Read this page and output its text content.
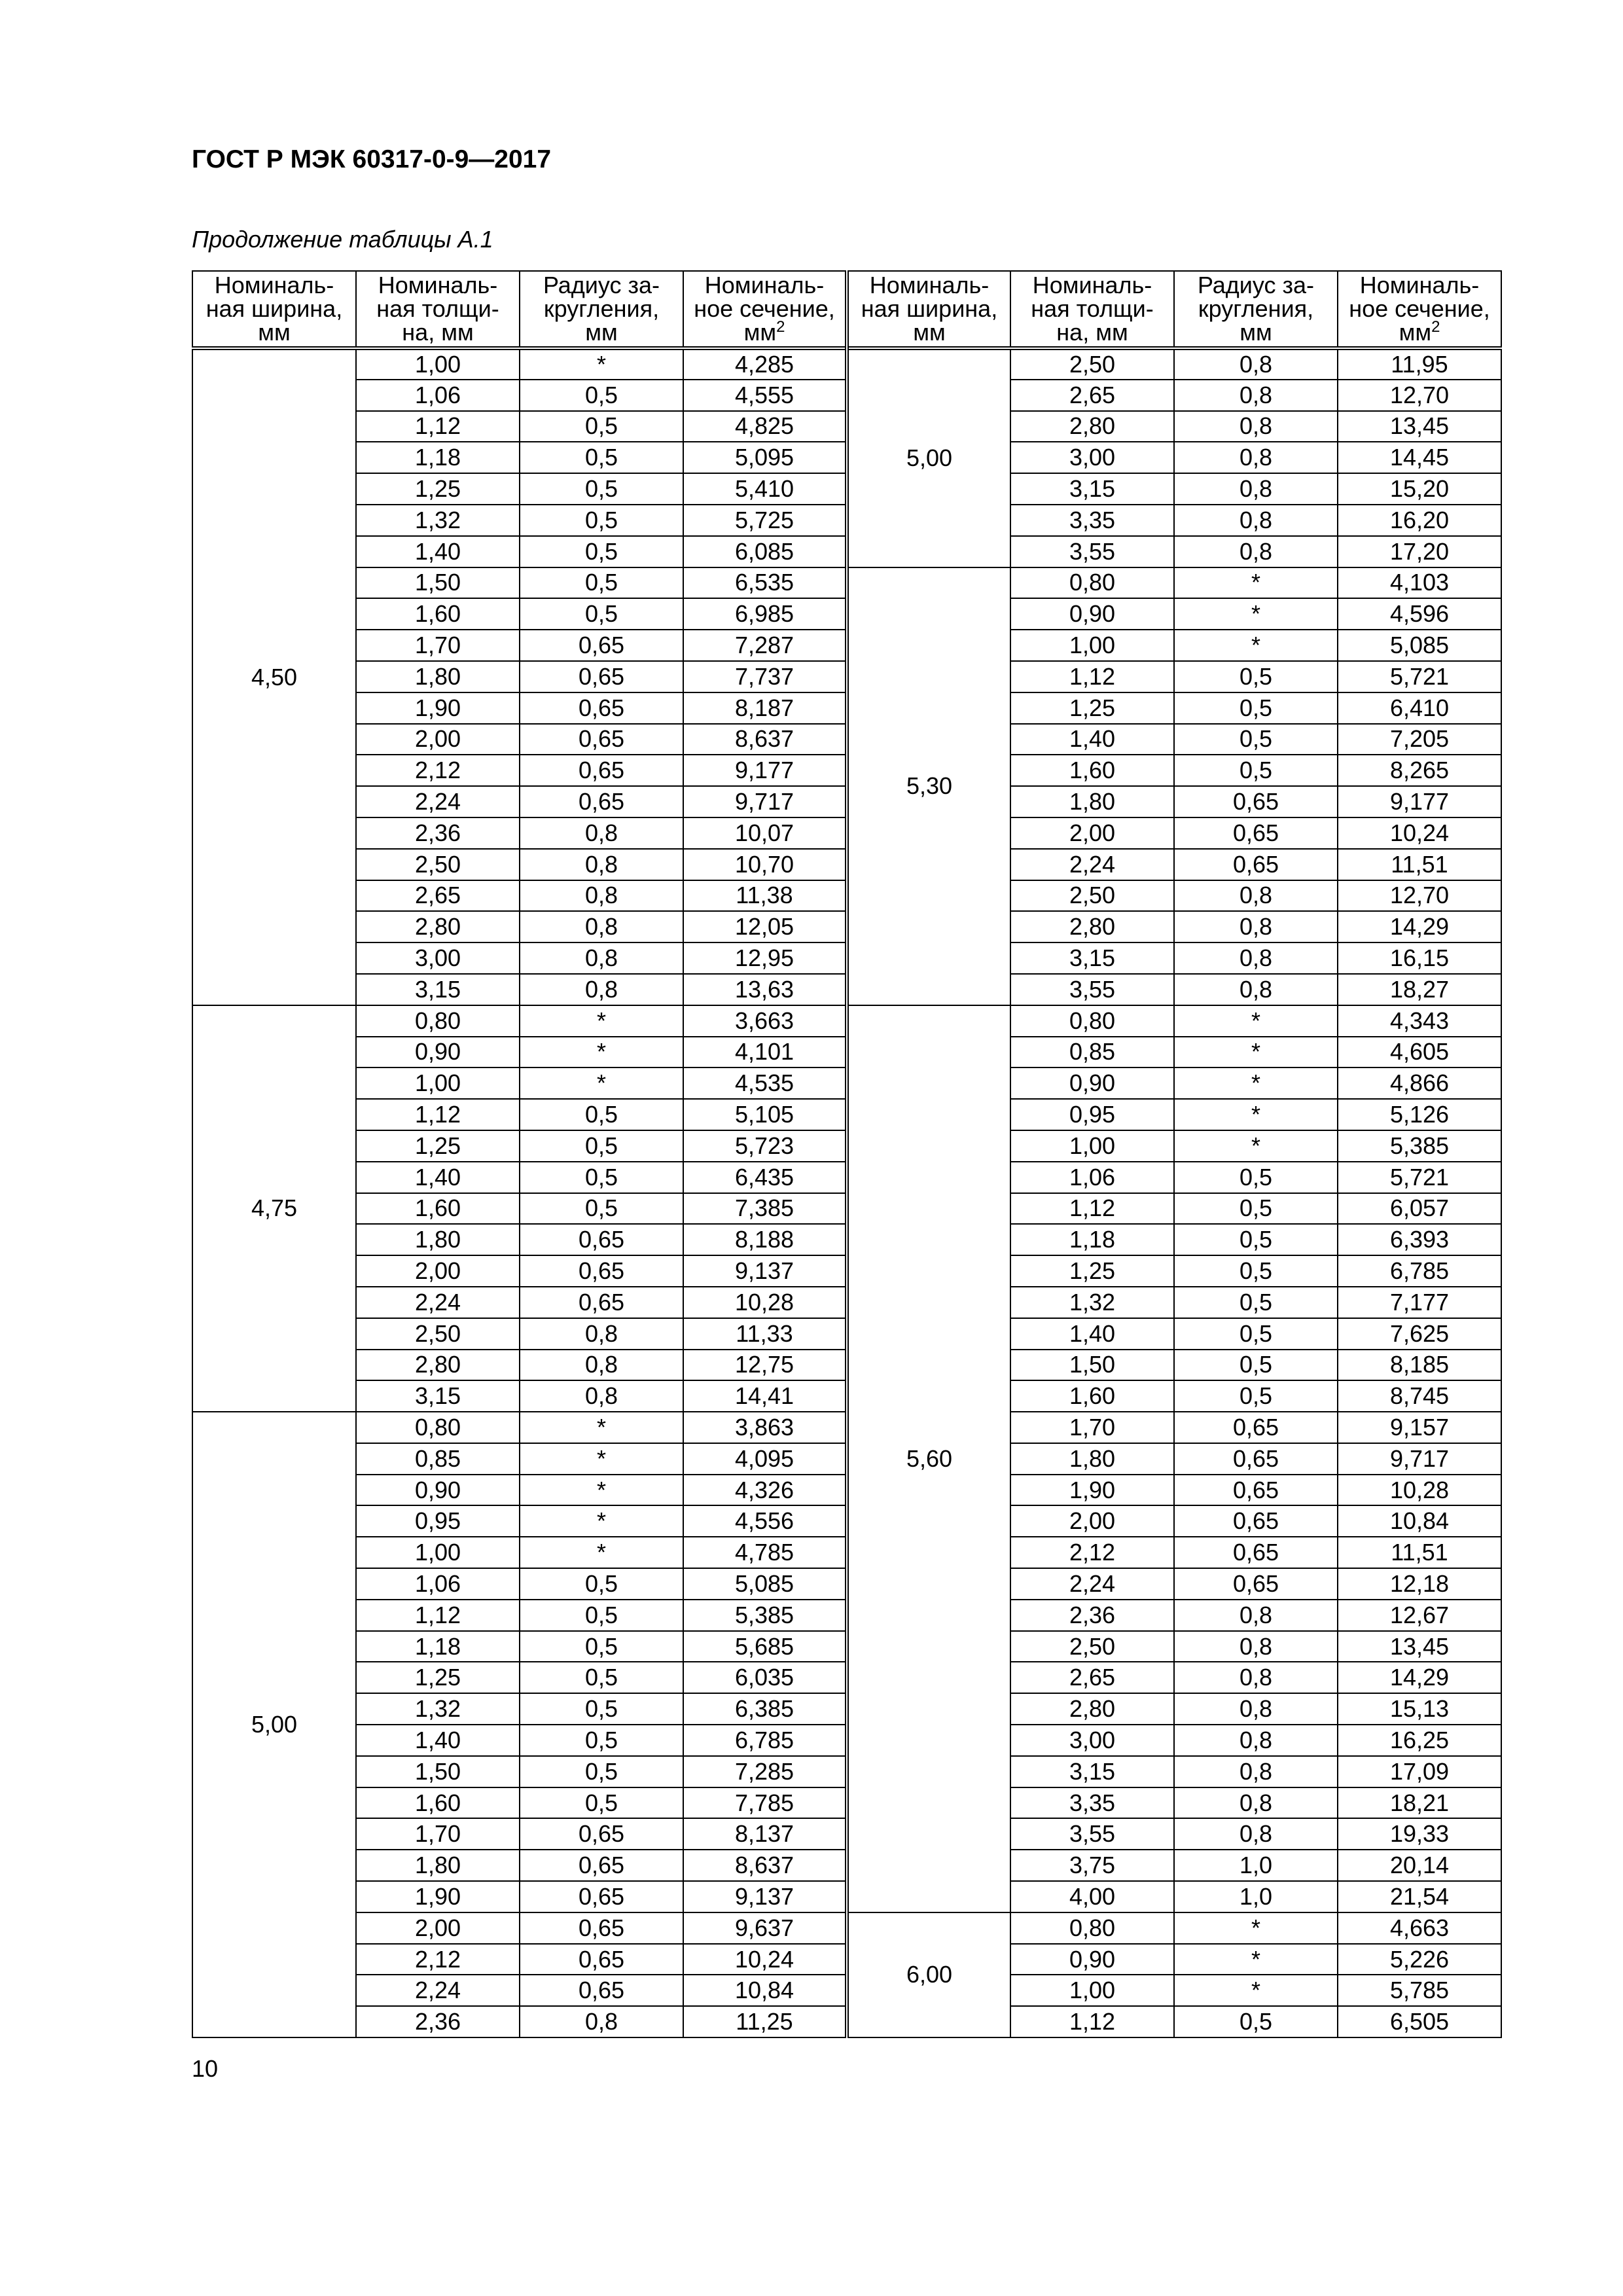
ГОСТ Р МЭК 60317-0-9—2017
Продолжение таблицы А.1
Номиналь-
ная ширина,
мм	Номиналь-
ная толщи-
на, мм	Радиус за-
кругления,
мм	Номиналь-
ное сечение,
$мм^2$	Номиналь-
ная ширина,
мм	Номиналь-
ная толщи-
на, мм	Радиус за-
кругления,
мм	Номиналь-
ное сечение,
$мм^2$

4,50	1,00	*	4,285	5,00	2,50	0,8	11,95
	1,06	0,5	4,555		2,65	0,8	12,70
	1,12	0,5	4,825		2,80	0,8	13,45
	1,18	0,5	5,095		3,00	0,8	14,45
	1,25	0,5	5,410		3,15	0,8	15,20
	1,32	0,5	5,725		3,35	0,8	16,20
	1,40	0,5	6,085		3,55	0,8	17,20
	1,50	0,5	6,535	5,30	0,80	*	4,103
	1,60	0,5	6,985		0,90	*	4,596
	1,70	0,65	7,287		1,00	*	5,085
	1,80	0,65	7,737		1,12	0,5	5,721
	1,90	0,65	8,187		1,25	0,5	6,410
	2,00	0,65	8,637		1,40	0,5	7,205
	2,12	0,65	9,177		1,60	0,5	8,265
	2,24	0,65	9,717		1,80	0,65	9,177
	2,36	0,8	10,07		2,00	0,65	10,24
	2,50	0,8	10,70		2,24	0,65	11,51
	2,65	0,8	11,38		2,50	0,8	12,70
	2,80	0,8	12,05		2,80	0,8	14,29
	3,00	0,8	12,95		3,15	0,8	16,15
	3,15	0,8	13,63		3,55	0,8	18,27
4,75	0,80	*	3,663	5,60	0,80	*	4,343
	0,90	*	4,101		0,85	*	4,605
	1,00	*	4,535		0,90	*	4,866
	1,12	0,5	5,105		0,95	*	5,126
	1,25	0,5	5,723		1,00	*	5,385
	1,40	0,5	6,435		1,06	0,5	5,721
	1,60	0,5	7,385		1,12	0,5	6,057
	1,80	0,65	8,188		1,18	0,5	6,393
	2,00	0,65	9,137		1,25	0,5	6,785
	2,24	0,65	10,28		1,32	0,5	7,177
	2,50	0,8	11,33		1,40	0,5	7,625
	2,80	0,8	12,75		1,50	0,5	8,185
	3,15	0,8	14,41		1,60	0,5	8,745
5,00	0,80	*	3,863		1,70	0,65	9,157
	0,85	*	4,095		1,80	0,65	9,717
	0,90	*	4,326		1,90	0,65	10,28
	0,95	*	4,556		2,00	0,65	10,84
	1,00	*	4,785		2,12	0,65	11,51
	1,06	0,5	5,085		2,24	0,65	12,18
	1,12	0,5	5,385		2,36	0,8	12,67
	1,18	0,5	5,685		2,50	0,8	13,45
	1,25	0,5	6,035		2,65	0,8	14,29
	1,32	0,5	6,385		2,80	0,8	15,13
	1,40	0,5	6,785		3,00	0,8	16,25
	1,50	0,5	7,285		3,15	0,8	17,09
	1,60	0,5	7,785		3,35	0,8	18,21
	1,70	0,65	8,137		3,55	0,8	19,33
	1,80	0,65	8,637		3,75	1,0	20,14
	1,90	0,65	9,137		4,00	1,0	21,54
	2,00	0,65	9,637	6,00	0,80	*	4,663
	2,12	0,65	10,24		0,90	*	5,226
	2,24	0,65	10,84		1,00	*	5,785
	2,36	0,8	11,25		1,12	0,5	6,505
10
